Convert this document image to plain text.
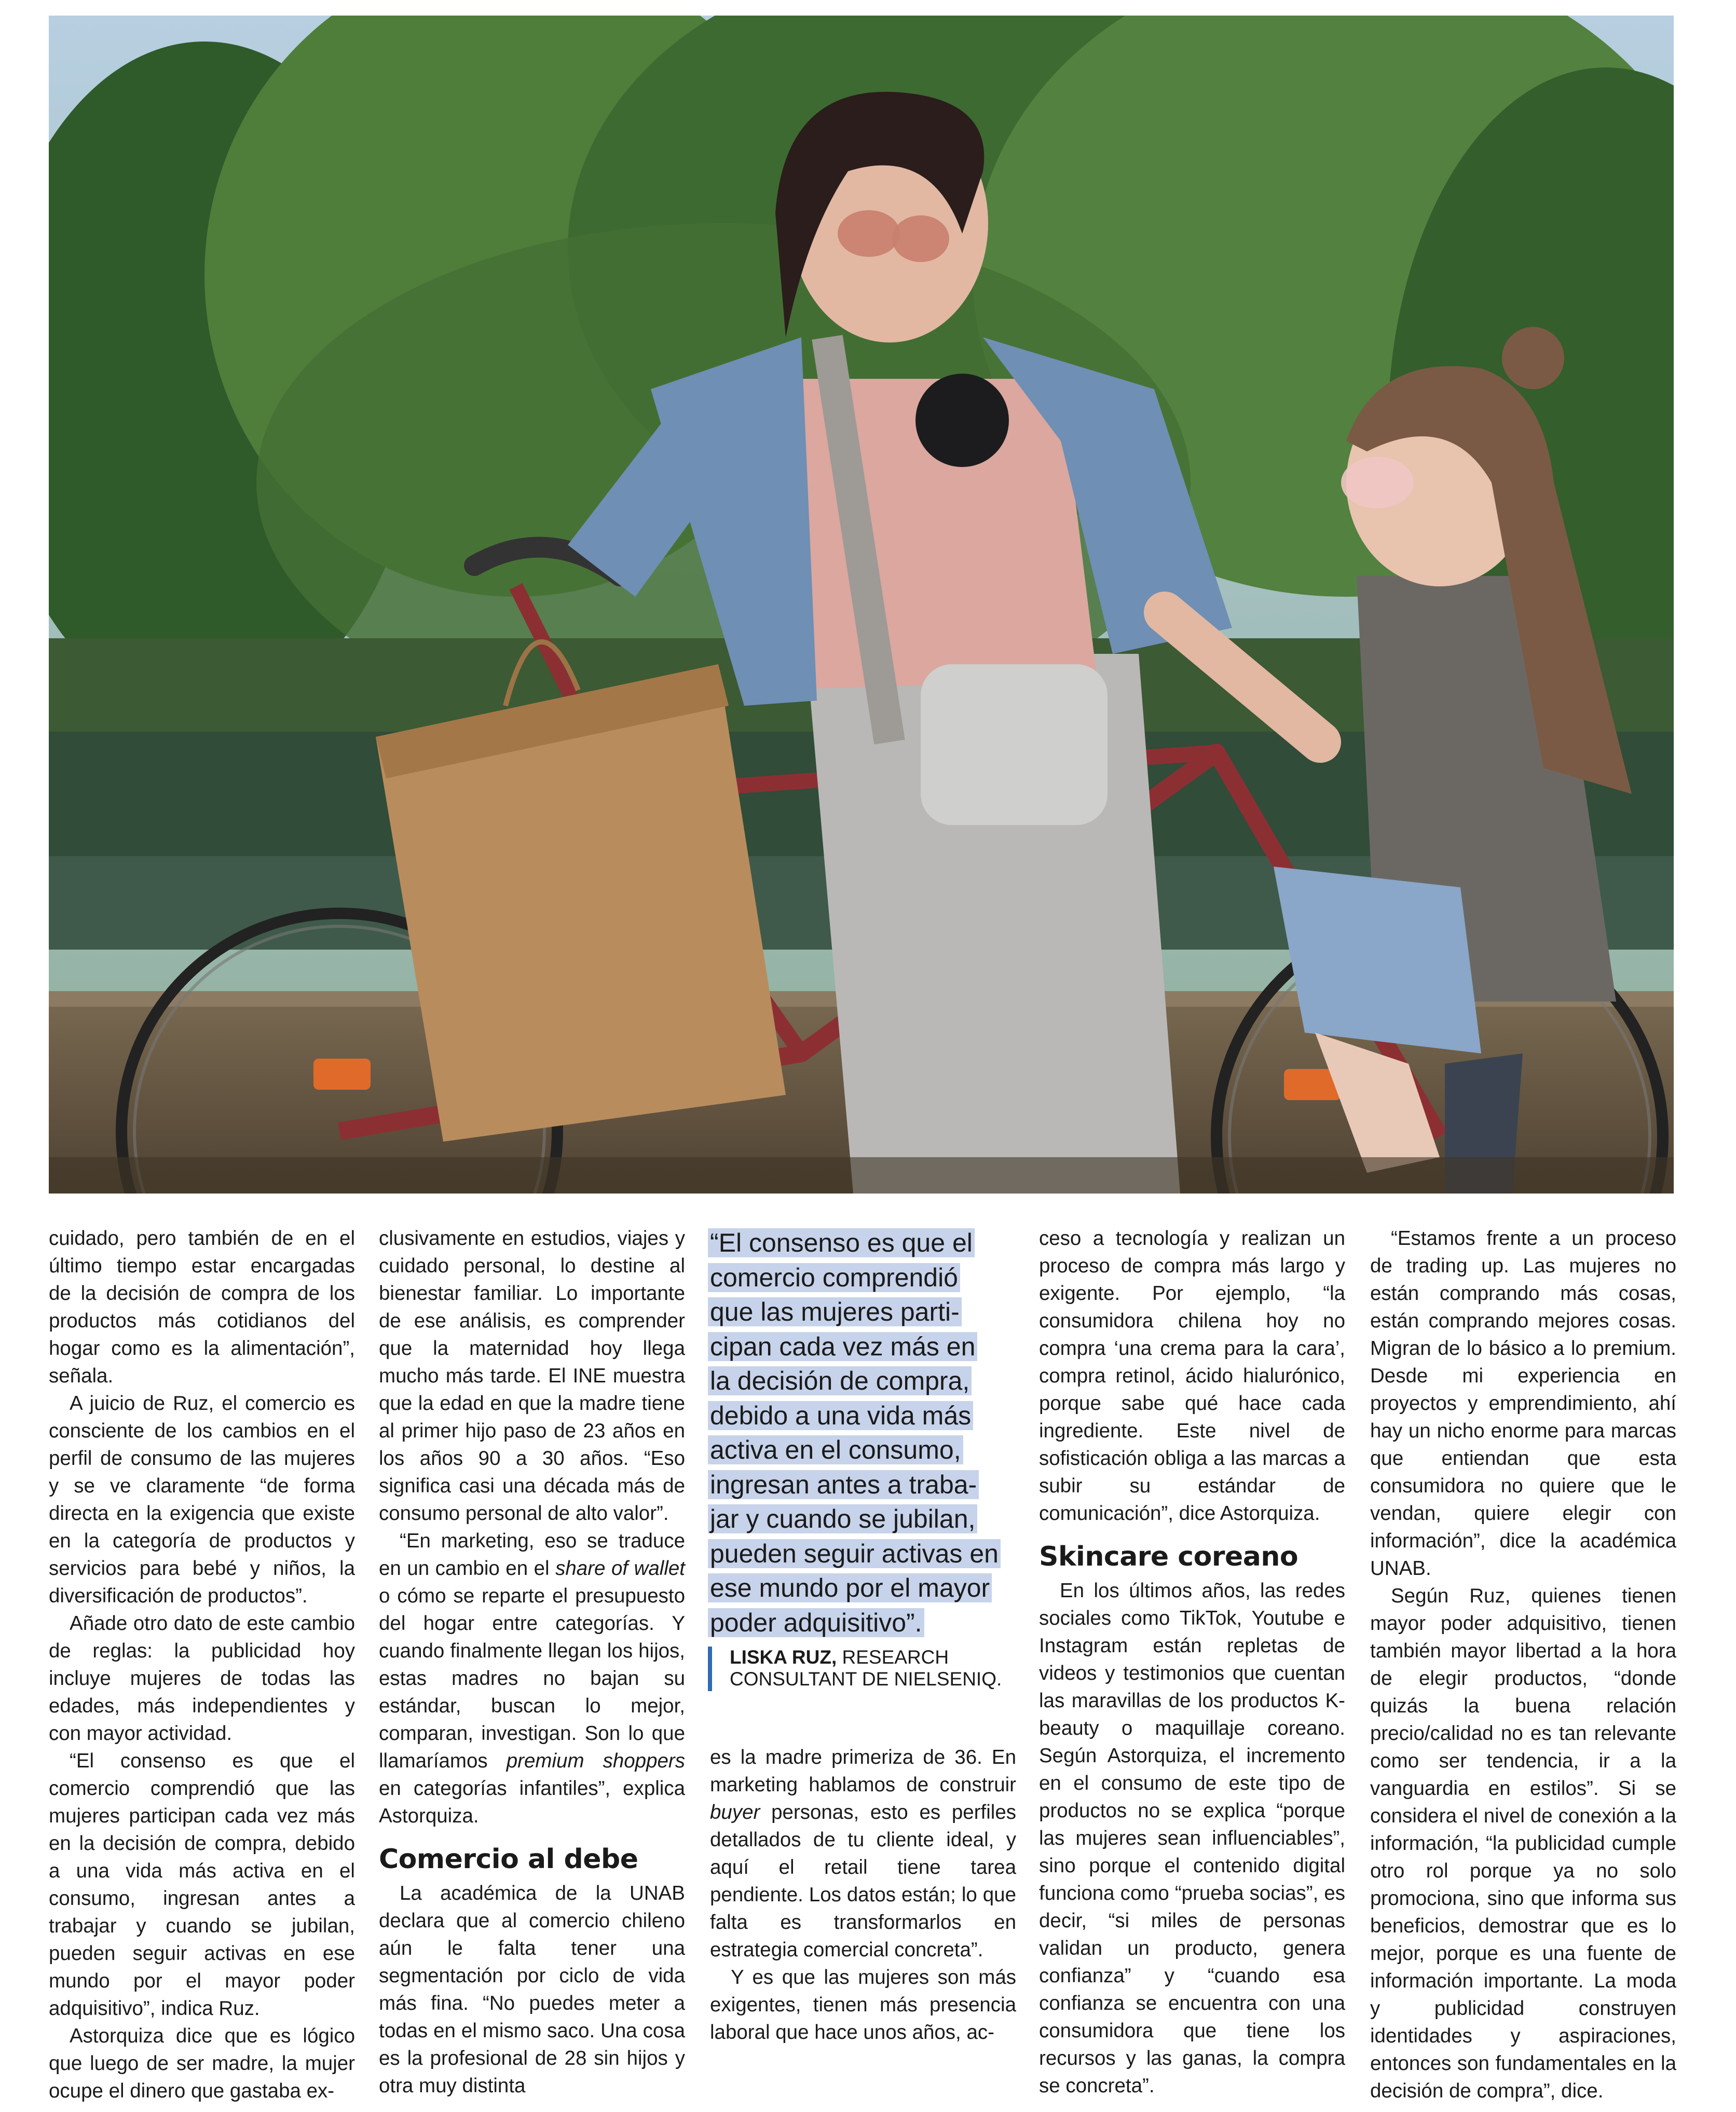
cuidado, pero también de en el último tiempo estar encargadas de la decisión de compra de los productos más cotidianos del hogar como es la alimentación”, señala.

A juicio de Ruz, el comercio es consciente de los cambios en el perfil de consumo de las mujeres y se ve claramente “de forma directa en la exigencia que existe en la categoría de productos y servicios para bebé y niños, la diversificación de productos”.

Añade otro dato de este cambio de reglas: la publicidad hoy incluye mujeres de todas las edades, más independientes y con mayor actividad.

“El consenso es que el comercio comprendió que las mujeres participan cada vez más en la decisión de compra, debido a una vida más activa en el consumo, ingresan antes a trabajar y cuando se jubilan, pueden seguir activas en ese mundo por el mayor poder adquisitivo”, indica Ruz.

Astorquiza dice que es lógico que luego de ser madre, la mujer ocupe el dinero que gastaba ex-

clusivamente en estudios, viajes y cuidado personal, lo destine al bienestar familiar. Lo importante de ese análisis, es comprender que la maternidad hoy llega mucho más tarde. El INE muestra que la edad en que la madre tiene al primer hijo paso de 23 años en los años 90 a 30 años. “Eso significa casi una década más de consumo personal de alto valor”.

“En marketing, eso se traduce en un cambio en el share of wallet o cómo se reparte el presupuesto del hogar entre categorías. Y cuando finalmente llegan los hijos, estas madres no bajan su estándar, buscan lo mejor, comparan, investigan. Son lo que llamaríamos premium shoppers en categorías infantiles”, explica Astorquiza.

Comercio al debe

La académica de la UNAB declara que al comercio chileno aún le falta tener una segmentación por ciclo de vida más fina. “No puedes meter a todas en el mismo saco. Una cosa es la profesional de 28 sin hijos y otra muy distinta

“El consenso es que el
comercio comprendió
que las mujeres parti-
cipan cada vez más en
la decisión de compra,
debido a una vida más
activa en el consumo,
ingresan antes a traba-
jar y cuando se jubilan,
pueden seguir activas en
ese mundo por el mayor
poder adquisitivo”.
LISKA RUZ, RESEARCH
CONSULTANT DE NIELSENIQ.

es la madre primeriza de 36. En marketing hablamos de construir buyer personas, esto es perfiles detallados de tu cliente ideal, y aquí el retail tiene tarea pendiente. Los datos están; lo que falta es transformarlos en estrategia comercial concreta”.

Y es que las mujeres son más exigentes, tienen más presencia laboral que hace unos años, ac-

ceso a tecnología y realizan un proceso de compra más largo y exigente. Por ejemplo, “la consumidora chilena hoy no compra ‘una crema para la cara’, compra retinol, ácido hialurónico, porque sabe qué hace cada ingrediente. Este nivel de sofisticación obliga a las marcas a subir su estándar de comunicación”, dice Astorquiza.

Skincare coreano

En los últimos años, las redes sociales como TikTok, Youtube e Instagram están repletas de videos y testimonios que cuentan las maravillas de los productos K-beauty o maquillaje coreano. Según Astorquiza, el incremento en el consumo de este tipo de productos no se explica “porque las mujeres sean influenciables”, sino porque el contenido digital funciona como “prueba socias”, es decir, “si miles de personas validan un producto, genera confianza” y “cuando esa confianza se encuentra con una consumidora que tiene los recursos y las ganas, la compra se concreta”.

“Estamos frente a un proceso de trading up. Las mujeres no están comprando más cosas, están comprando mejores cosas. Migran de lo básico a lo premium. Desde mi experiencia en proyectos y emprendimiento, ahí hay un nicho enorme para marcas que entiendan que esta consumidora no quiere que le vendan, quiere elegir con información”, dice la académica UNAB.

Según Ruz, quienes tienen mayor poder adquisitivo, tienen también mayor libertad a la hora de elegir productos, “donde quizás la buena relación precio/calidad no es tan relevante como ser tendencia, ir a la vanguardia en estilos”. Si se considera el nivel de conexión a la información, “la publicidad cumple otro rol porque ya no solo promociona, sino que informa sus beneficios, demostrar que es lo mejor, porque es una fuente de información importante. La moda y publicidad construyen identidades y aspiraciones, entonces son fundamentales en la decisión de compra”, dice.
